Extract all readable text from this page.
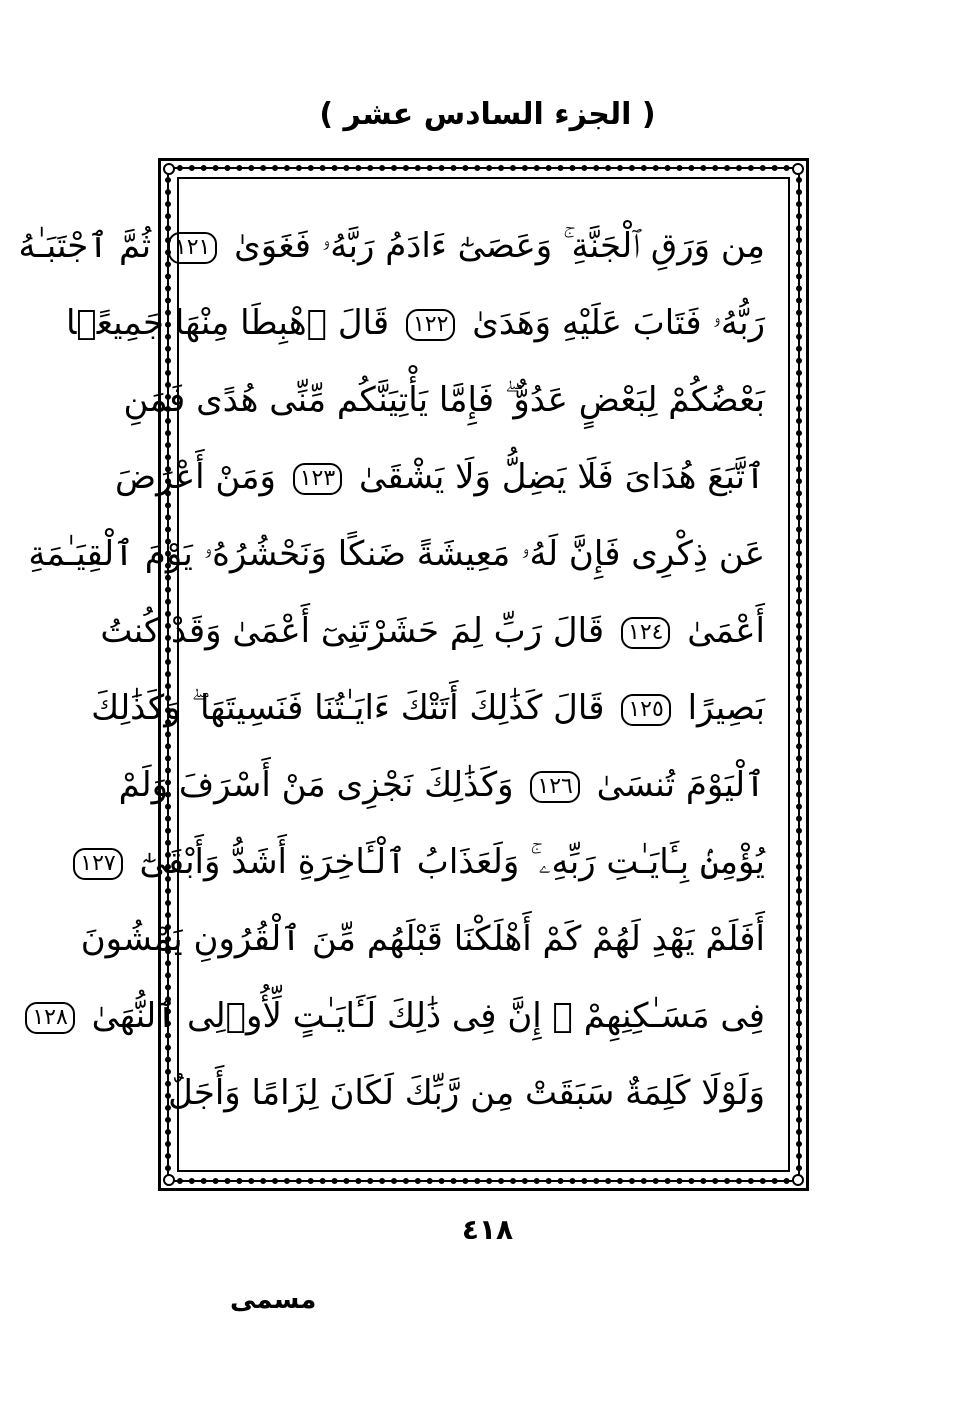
( الجزء السادس عشر )
مِن وَرَقِ ٱلْجَنَّةِ ۚ وَعَصَىٰٓ ءَادَمُ رَبَّهُۥ فَغَوَىٰ ١٢١ ثُمَّ ٱجْتَبَـٰهُ
رَبُّهُۥ فَتَابَ عَلَيْهِ وَهَدَىٰ ١٢٢ قَالَ ٱهْبِطَا مِنْهَا جَمِيعًۢا
بَعْضُكُمْ لِبَعْضٍ عَدُوٌّ ۖ فَإِمَّا يَأْتِيَنَّكُم مِّنِّى هُدًى فَمَنِ
ٱتَّبَعَ هُدَاىَ فَلَا يَضِلُّ وَلَا يَشْقَىٰ ١٢٣ وَمَنْ أَعْرَضَ
عَن ذِكْرِى فَإِنَّ لَهُۥ مَعِيشَةً ضَنكًا وَنَحْشُرُهُۥ يَوْمَ ٱلْقِيَـٰمَةِ
أَعْمَىٰ ١٢٤ قَالَ رَبِّ لِمَ حَشَرْتَنِىٓ أَعْمَىٰ وَقَدْ كُنتُ
بَصِيرًا ١٢٥ قَالَ كَذَٰلِكَ أَتَتْكَ ءَايَـٰتُنَا فَنَسِيتَهَا ۖ وَكَذَٰلِكَ
ٱلْيَوْمَ تُنسَىٰ ١٢٦ وَكَذَٰلِكَ نَجْزِى مَنْ أَسْرَفَ وَلَمْ
يُؤْمِنۢ بِـَٔايَـٰتِ رَبِّهِۦ ۚ وَلَعَذَابُ ٱلْـَٔاخِرَةِ أَشَدُّ وَأَبْقَىٰٓ ١٢٧
أَفَلَمْ يَهْدِ لَهُمْ كَمْ أَهْلَكْنَا قَبْلَهُم مِّنَ ٱلْقُرُونِ يَمْشُونَ
فِى مَسَـٰكِنِهِمْ ۗ إِنَّ فِى ذَٰلِكَ لَـَٔايَـٰتٍ لِّأُو۟لِى ٱلنُّهَىٰ ١٢٨
وَلَوْلَا كَلِمَةٌ سَبَقَتْ مِن رَّبِّكَ لَكَانَ لِزَامًا وَأَجَلٌ
٤١٨
مسمى
